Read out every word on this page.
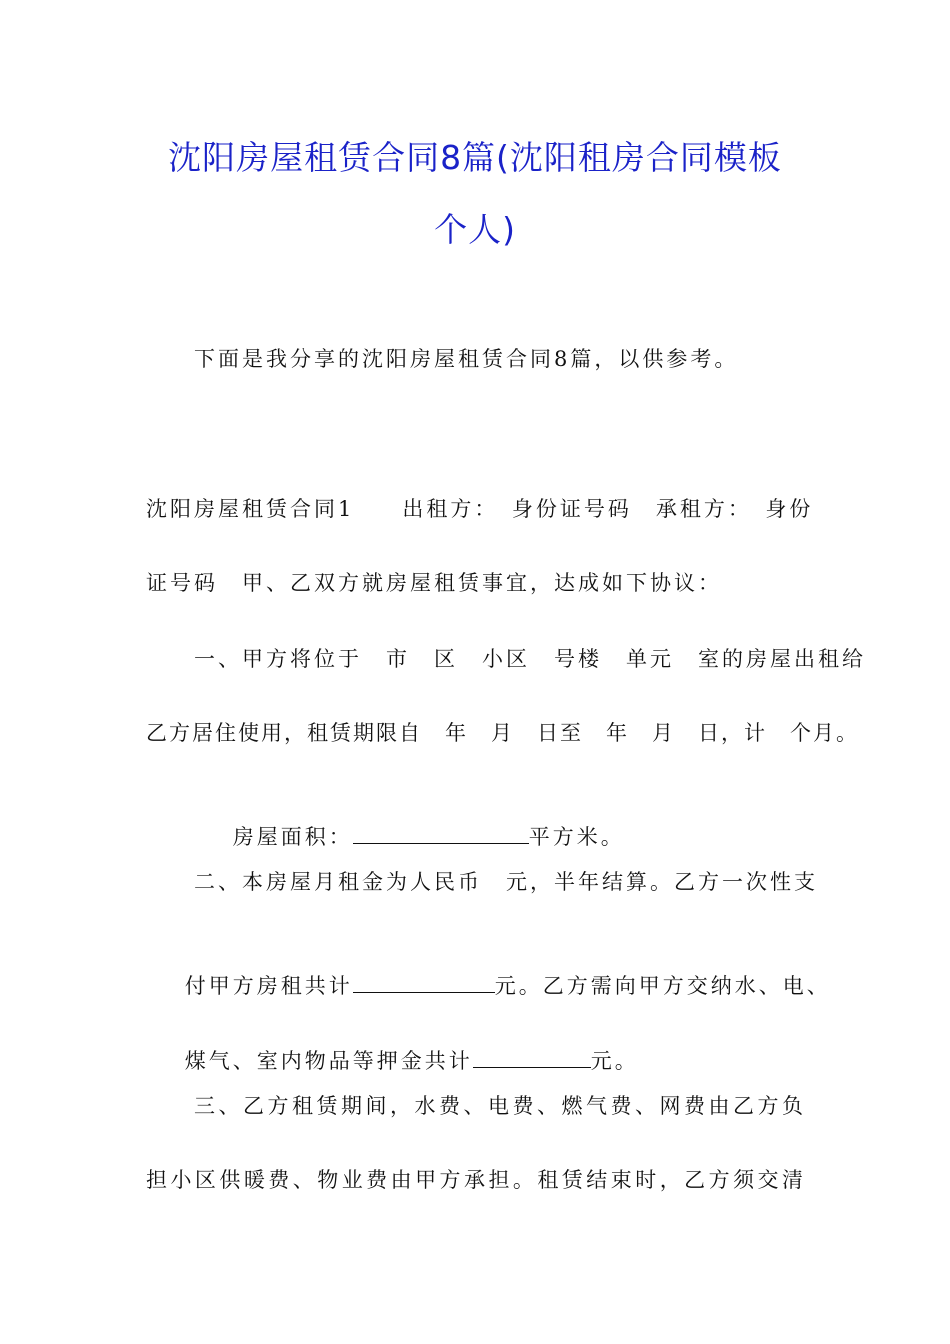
沈阳房屋租赁合同8篇(沈阳租房合同模板
个人)
下面是我分享的沈阳房屋租赁合同8篇，以供参考。
沈阳房屋租赁合同1　　出租方：　身份证号码　承租方：　身份
证号码　甲、乙双方就房屋租赁事宜，达成如下协议：
一、甲方将位于　市　区　小区　号楼　单元　室的房屋出租给
乙方居住使用，租赁期限自　年　月　日至　年　月　日，计　个月。

房屋面积：	平方米。

二、本房屋月租金为人民币　元，半年结算。乙方一次性支

付甲方房租共计	元。乙方需向甲方交纳水、电、

煤气、室内物品等押金共计	元。

三、乙方租赁期间，水费、电费、燃气费、网费由乙方负
担小区供暖费、物业费由甲方承担。租赁结束时，乙方须交清
